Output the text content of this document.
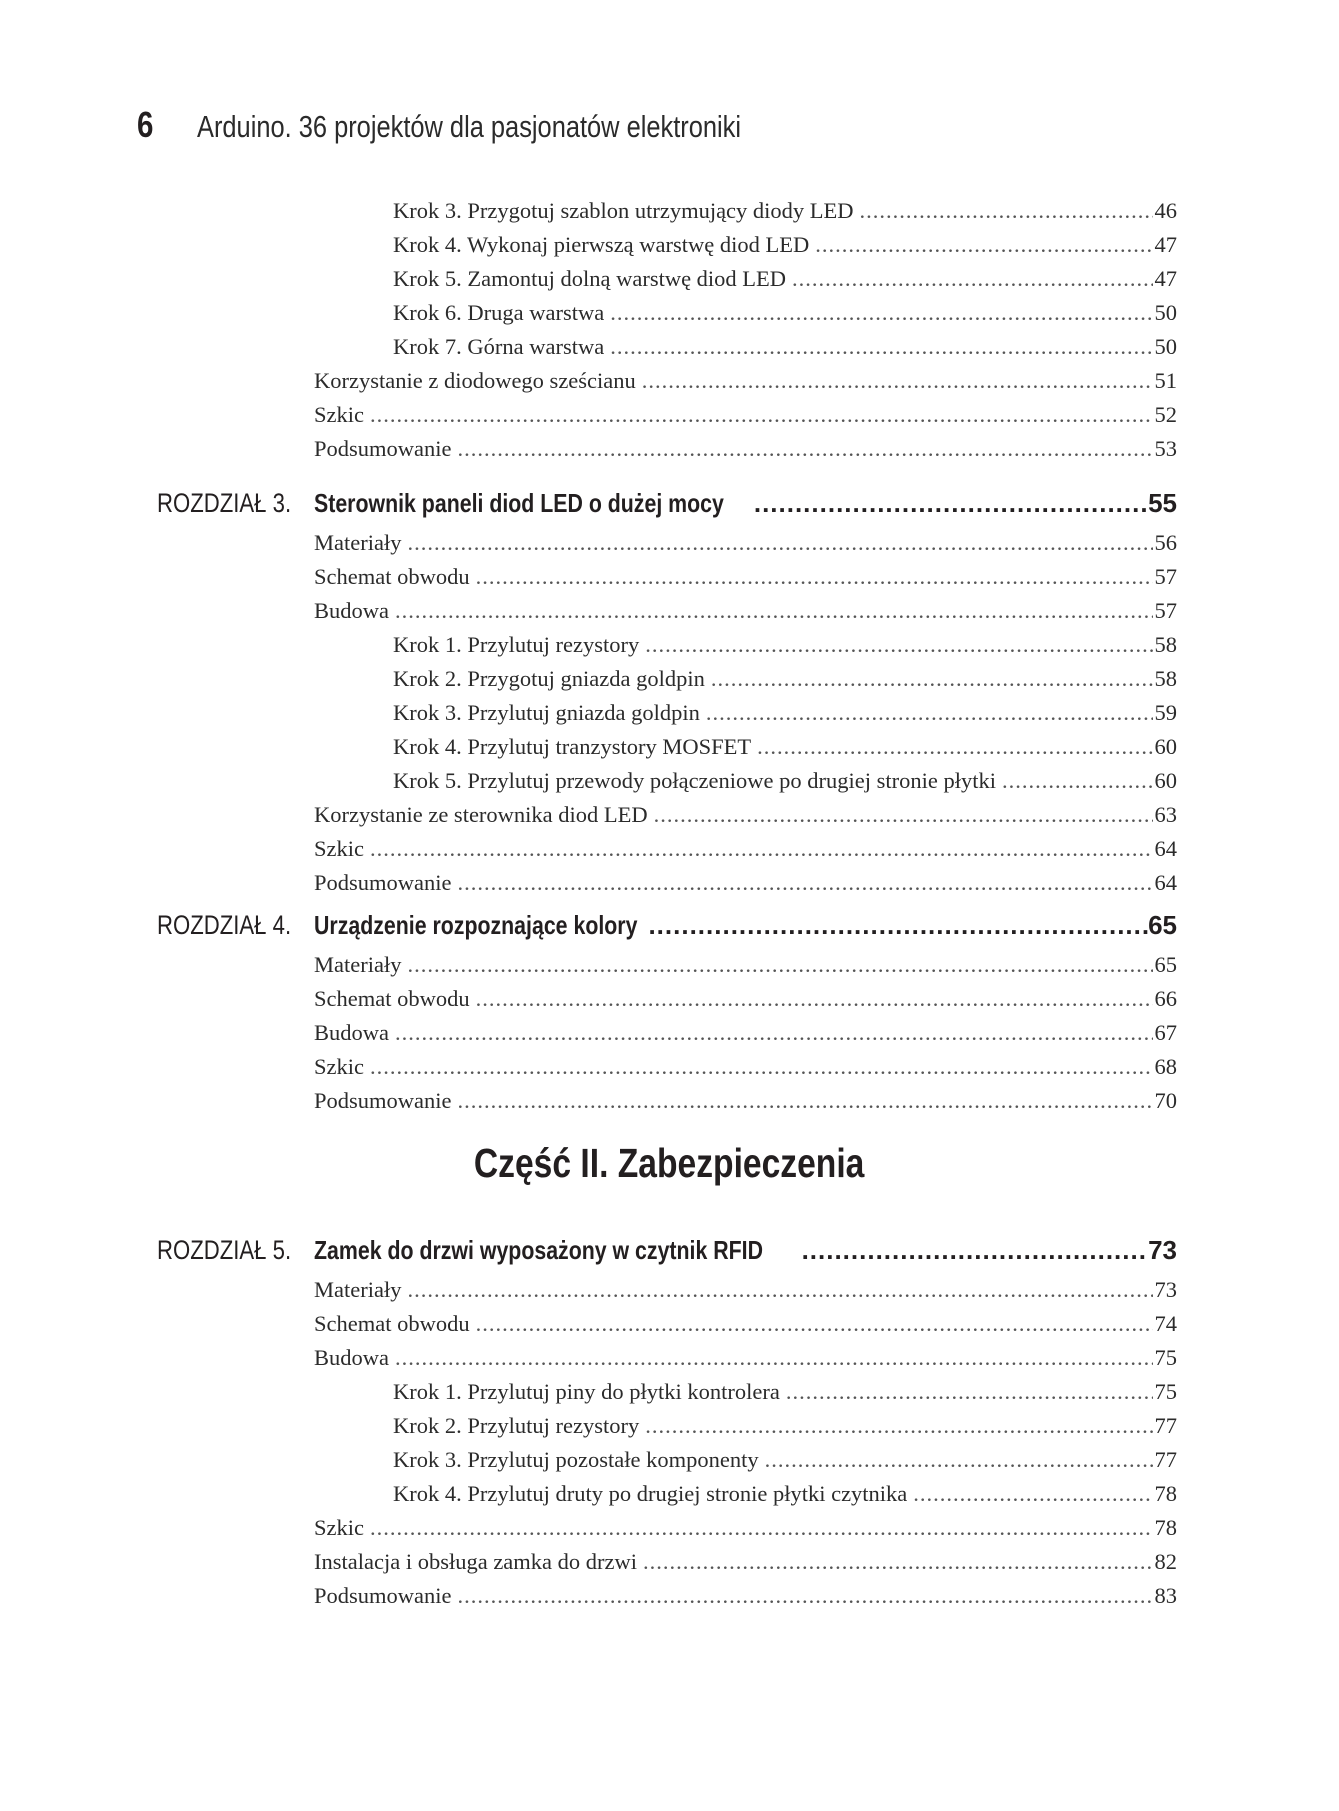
6	Arduino. 36 projektów dla pasjonatów elektroniki
Krok 3. Przygotuj szablon utrzymujący diody LED .....	46
Krok 4. Wykonaj pierwszą warstwę diod LED .....	47
Krok 5. Zamontuj dolną warstwę diod LED .....	47
Krok 6. Druga warstwa .....	50
Krok 7. Górna warstwa .....	50
Korzystanie z diodowego sześcianu .....	51
Szkic .....	52
Podsumowanie .....	53
ROZDZIAŁ 3. Sterownik paneli diod LED o dużej mocy .....	55
Materiały .....	56
Schemat obwodu .....	57
Budowa .....	57
Krok 1. Przylutuj rezystory .....	58
Krok 2. Przygotuj gniazda goldpin .....	58
Krok 3. Przylutuj gniazda goldpin .....	59
Krok 4. Przylutuj tranzystory MOSFET .....	60
Krok 5. Przylutuj przewody połączeniowe po drugiej stronie płytki .....	60
Korzystanie ze sterownika diod LED .....	63
Szkic .....	64
Podsumowanie .....	64
ROZDZIAŁ 4. Urządzenie rozpoznające kolory .....	65
Materiały .....	65
Schemat obwodu .....	66
Budowa .....	67
Szkic .....	68
Podsumowanie .....	70
Część II. Zabezpieczenia
ROZDZIAŁ 5. Zamek do drzwi wyposażony w czytnik RFID .....	73
Materiały .....	73
Schemat obwodu .....	74
Budowa .....	75
Krok 1. Przylutuj piny do płytki kontrolera .....	75
Krok 2. Przylutuj rezystory .....	77
Krok 3. Przylutuj pozostałe komponenty .....	77
Krok 4. Przylutuj druty po drugiej stronie płytki czytnika .....	78
Szkic .....	78
Instalacja i obsługa zamka do drzwi .....	82
Podsumowanie .....	83
